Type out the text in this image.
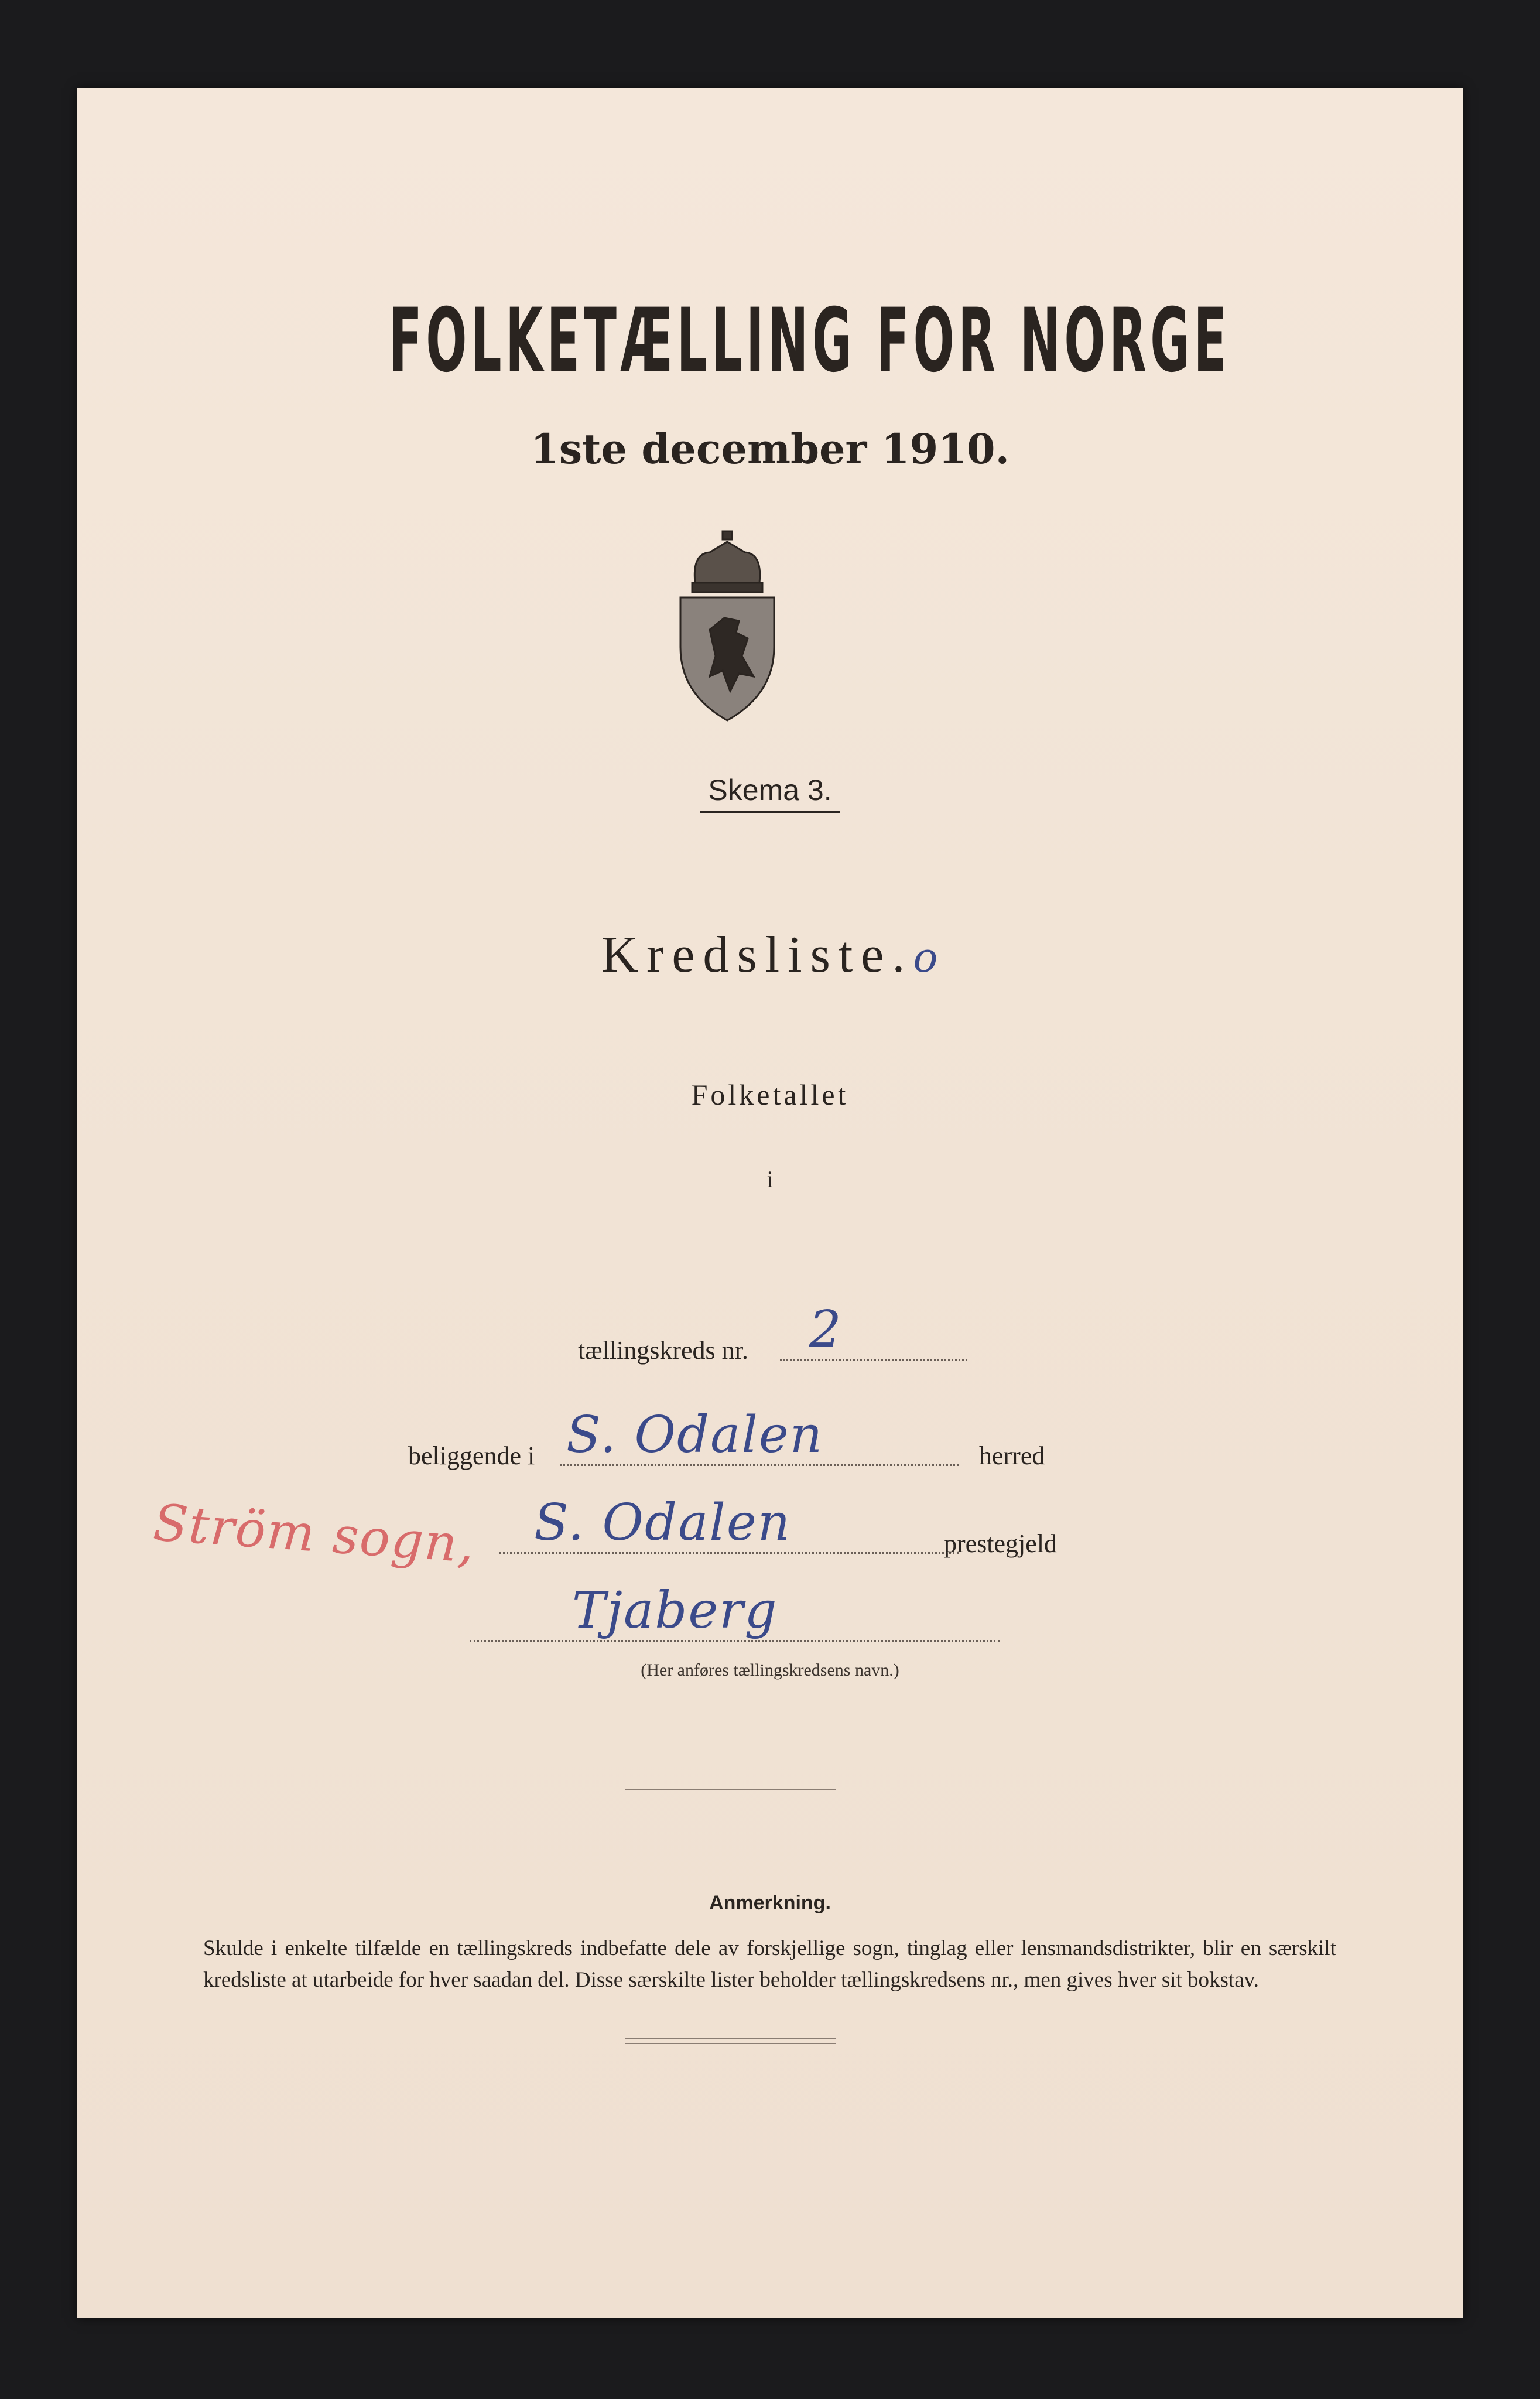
FOLKETÆLLING FOR NORGE
1ste december 1910.
Skema 3.
Kredsliste.o
Folketallet
i
tællingskreds nr. 2
beliggende i S. Odalen	herred
Ström sogn, S. Odalen	prestegjeld
Tjaberg
(Her anføres tællingskredsens navn.)
Anmerkning.
Skulde i enkelte tilfælde en tællingskreds indbefatte dele av forskjellige sogn, tinglag eller lensmandsdistrikter, blir en særskilt kredsliste at utarbeide for hver saadan del. Disse særskilte lister beholder tællingskredsens nr., men gives hver sit bokstav.
